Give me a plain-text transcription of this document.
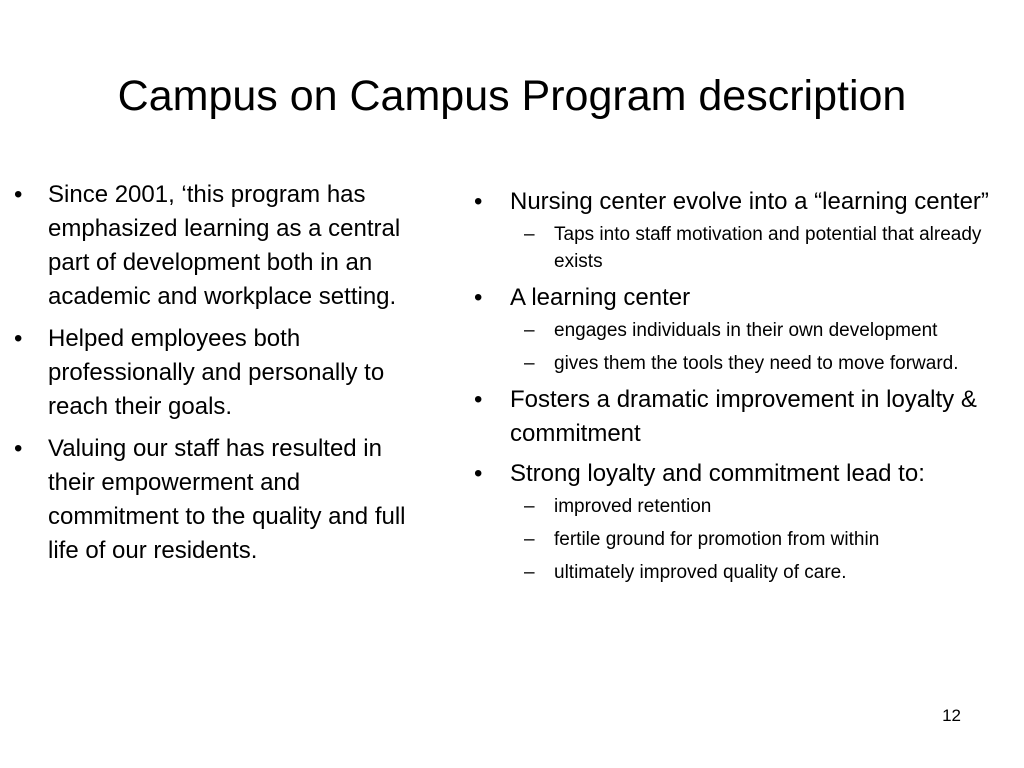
Campus on Campus Program description
•	Since 2001, ‘this program has emphasized learning as a central part of development both in an academic and workplace setting.
•	Helped employees both professionally and personally to reach their goals.
•	Valuing our staff has resulted in their empowerment and commitment to the quality and full life of our residents.
•	Nursing center evolve into a “learning center”
– Taps into staff motivation and potential that already exists
•	A learning center
– engages individuals in their own development
– gives them the tools they need to move forward.
•	Fosters a dramatic improvement in loyalty & commitment
•	Strong loyalty and commitment lead to:
– improved retention
– fertile ground for promotion from within
– ultimately improved quality of care.
12
